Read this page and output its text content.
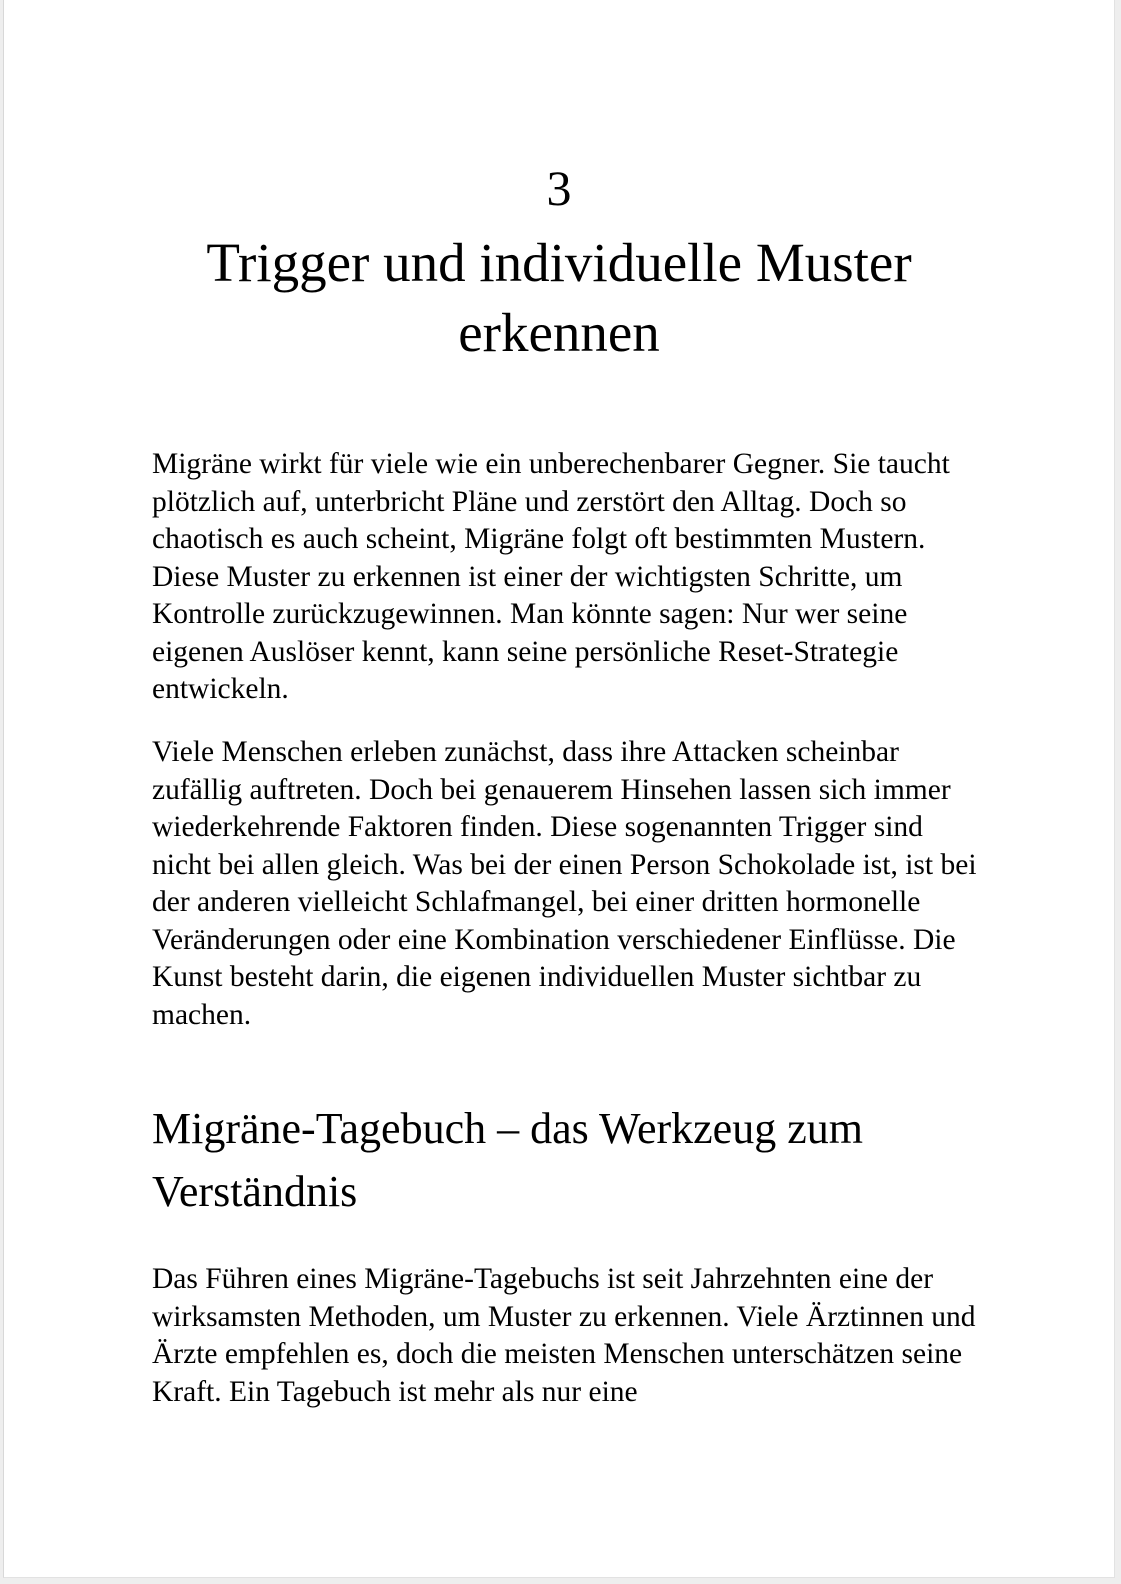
3
Trigger und individuelle Muster erkennen

Migräne wirkt für viele wie ein unberechenbarer Gegner. Sie taucht plötzlich auf, unterbricht Pläne und zerstört den Alltag. Doch so chaotisch es auch scheint, Migräne folgt oft bestimmten Mustern. Diese Muster zu erkennen ist einer der wichtigsten Schritte, um Kontrolle zurückzugewinnen. Man könnte sagen: Nur wer seine eigenen Auslöser kennt, kann seine persönliche Reset-Strategie entwickeln.

Viele Menschen erleben zunächst, dass ihre Attacken scheinbar zufällig auftreten. Doch bei genauerem Hinsehen lassen sich immer wiederkehrende Faktoren finden. Diese sogenannten Trigger sind nicht bei allen gleich. Was bei der einen Person Schokolade ist, ist bei der anderen vielleicht Schlafmangel, bei einer dritten hormonelle Veränderungen oder eine Kombination verschiedener Einflüsse. Die Kunst besteht darin, die eigenen individuellen Muster sichtbar zu machen.

Migräne-Tagebuch – das Werkzeug zum Verständnis

Das Führen eines Migräne-Tagebuchs ist seit Jahrzehnten eine der wirksamsten Methoden, um Muster zu erkennen. Viele Ärztinnen und Ärzte empfehlen es, doch die meisten Menschen unterschätzen seine Kraft. Ein Tagebuch ist mehr als nur eine
